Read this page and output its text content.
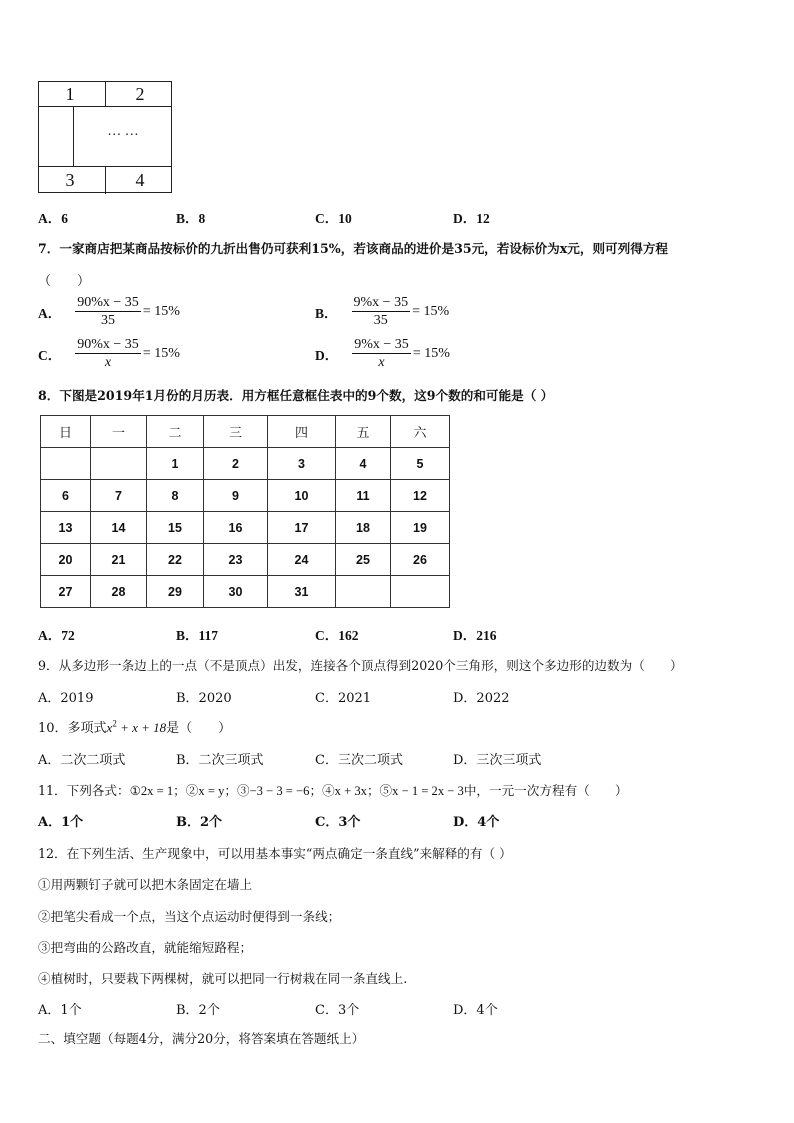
1	2
… …
3	4
A．6	B．8	C．10	D．12
7．一家商店把某商品按标价的九折出售仍可获利15%，若该商品的进价是35元，若设标价为x元，则可列得方程
（　　）
A． $\frac{90\%x - 35}{35} = 15\%$	B． $\frac{9\%x - 35}{35} = 15\%$
C． $\frac{90\%x - 35}{x} = 15\%$	D． $\frac{9\%x - 35}{x} = 15\%$
8．下图是2019年1月份的月历表．用方框任意框住表中的9个数，这9个数的和可能是（ ）
日	一	二	三	四	五	六
		1	2	3	4	5
6	7	8	9	10	11	12
13	14	15	16	17	18	19
20	21	22	23	24	25	26
27	28	29	30	31		
A．72	B．117	C．162	D．216
9．从多边形一条边上的一点（不是顶点）出发，连接各个顶点得到2020个三角形，则这个多边形的边数为（　　）
A．2019	B．2020	C．2021	D．2022
10．多项式$x^2 + x + 18$是（　　）
A．二次二项式	B．二次三项式	C．三次二项式	D．三次三项式
11．下列各式：①2x = 1；②x = y；③−3 − 3 = −6；④x + 3x；⑤x − 1 = 2x − 3中，一元一次方程有（　　）
A．1个	B．2个	C．3个	D．4个
12．在下列生活、生产现象中，可以用基本事实“两点确定一条直线”来解释的有（ ）
①用两颗钉子就可以把木条固定在墙上
②把笔尖看成一个点，当这个点运动时便得到一条线；
③把弯曲的公路改直，就能缩短路程；
④植树时，只要栽下两棵树，就可以把同一行树栽在同一条直线上.
A．1个	B．2个	C．3个	D．4个
二、填空题（每题4分，满分20分，将答案填在答题纸上）
